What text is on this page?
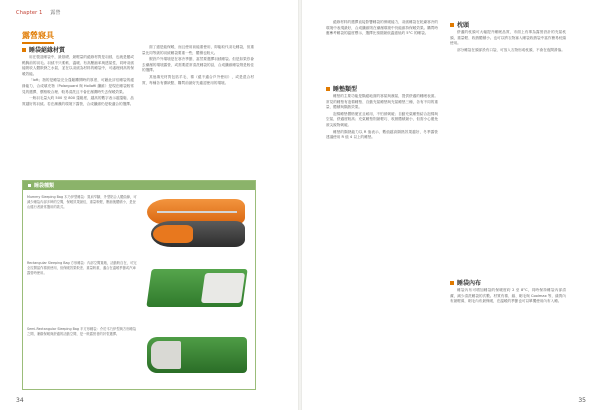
Chapter 1 露營
露營寢具
睡袋絕緣材質

用在製造睡袋中，最基礎、最輕量的絕緣材質是羽絨，也就是鵝或鴨胸前的羽毛。羽絨不只柔軟、溫暖、有高壓縮率與透氣性，同時羽絨能吸收人體散發之水氣，並在以羽絨為材料的睡袋中，可處理到高的保暖效能。

「loft」指的是睡袋完全蓬鬆攤開時的厚度，可藉此評估睡袋的絕緣能力，合成填充物（Polarguard 與 Hollofil 纖維）是現在睡袋較常見的選擇，價格較合理、較易清洗且不會在濕潤時失去保暖效果。

一般羽毛量大約 500 至 800 蓬鬆度，越高的數字表示越蓬鬆、品質越好的羽絨。若在潮濕的環境下露營，合成纖維仍是較適合的選擇。

面了還是能保暖，而且使用前能重使用，即能取代羽毛睡袋，但重量比同等級的羽絨睡袋要重一些，體積也較大。

假設戶外環境是在寒冷季節，當然要選擇羽絨睡袋。但是如果你會去潮濕的環境露營，或需要經常清洗睡袋的話，合成纖維睡袋則是較佳的選擇。

其他填充材質包括羊毛、棉（絕不適合戶外使用），或是混合材質，每種各有優缺點，購買前最好先確認使用的環境。

睡袋種類
Mummy Sleeping Bag 木乃伊型睡袋：寬肩窄腳，外型貼合人體曲線，可減少睡袋內部多餘的空間，保暖效果最佳，重量較輕，壓縮後體積小，是登山健行者最常選用的款式。
Rectangular Sleeping Bag 方形睡袋：內部空間寬敞，活動較自在，可完全拉開當作棉被使用，但保暖效果較差、重量較重，適合在溫暖季節或汽車露營時使用。
Semi-Rectangular Sleeping Bag 半方形睡袋：介於木乃伊型與方形睡袋之間，兼顧保暖與舒適的活動空間，是一般露營者的折衷選擇。
34

絕緣材料的選擇直接影響睡袋的保暖能力，羽絨睡袋在乾燥寒冷的環境中表現最好，合成纖維則在潮濕環境中仍能維持保暖效果。購買時應參考睡袋的溫度標示，選擇比預期最低溫還低約 5°C 的睡袋。

睡墊類型

睡墊的主要功能是隔絕地面的寒氣與濕氣，提供舒適的睡眠表面。常見的睡墊有泡棉睡墊、自動充氣睡墊與充氣睡墊三種，各有不同的重量、體積與隔熱效果。

泡棉睡墊價格便宜且耐用，不怕被刺破；自動充氣睡墊結合泡棉與空氣，舒適度較高；充氣睡墊則最輕巧、收納體積最小，但需小心避免被尖銳物刺破。

睡墊的隔熱能力以 R 值表示，數值越高隔熱效果越好，冬季露營建議使用 R 值 4 以上的睡墊。

枕頭

舒適的枕頭可大幅提升睡眠品質，市面上有專為露營設計的充氣枕頭，重量輕、收納體積小。也可以將衣物塞入睡袋收納袋中當作簡易枕頭使用。

部分睡袋在頭部設有口袋，可放入衣物形成枕頭，不會在夜間滑落。

睡袋內布

睡袋內布可增加睡袋的保暖度約 2 至 8°C，同時保持睡袋內部清潔，減少清洗睡袋的次數。材質有棉、絲、刷毛與 Coolmax 等，絲質內布最輕薄，刷毛內布最保暖，在溫暖的季節也可以單獨使用內布入睡。

35
